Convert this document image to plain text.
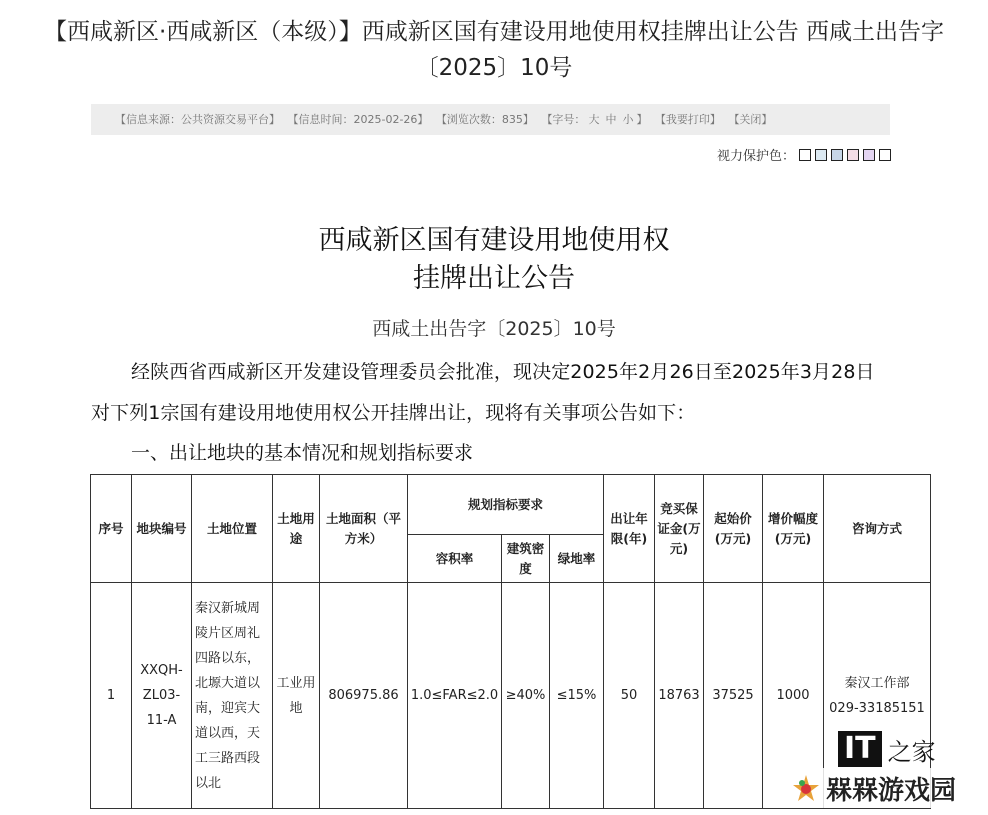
【西咸新区·西咸新区（本级）】西咸新区国有建设用地使用权挂牌出让公告 西咸土出告字
〔2025〕10号
【信息来源：公共资源交易平台】 【信息时间：2025-02-26】 【浏览次数：835】 【字号： 大 中 小 】 【我要打印】 【关闭】
视力保护色：
西咸新区国有建设用地使用权
挂牌出让公告
西咸土出告字〔2025〕10号
经陕西省西咸新区开发建设管理委员会批准，现决定2025年2月26日至2025年3月28日对下列1宗国有建设用地使用权公开挂牌出让，现将有关事项公告如下：
一、出让地块的基本情况和规划指标要求
序号	地块编号	土地位置	土地用途	土地面积（平方米）	规划指标要求			出让年限(年)	竞买保证金(万元)	起始价(万元)	增价幅度(万元)	咨询方式
					容积率	建筑密度	绿地率					
1	XXQH-ZL03-11-A	秦汉新城周陵片区周礼四路以东，北塬大道以南，迎宾大道以西，天工三路西段以北	工业用地	806975.86	1.0≤FAR≤2.0	≥40%	≤15%	50	18763	37525	1000	秦汉工作部
029-33185151
IT 之家
槑槑游戏园
